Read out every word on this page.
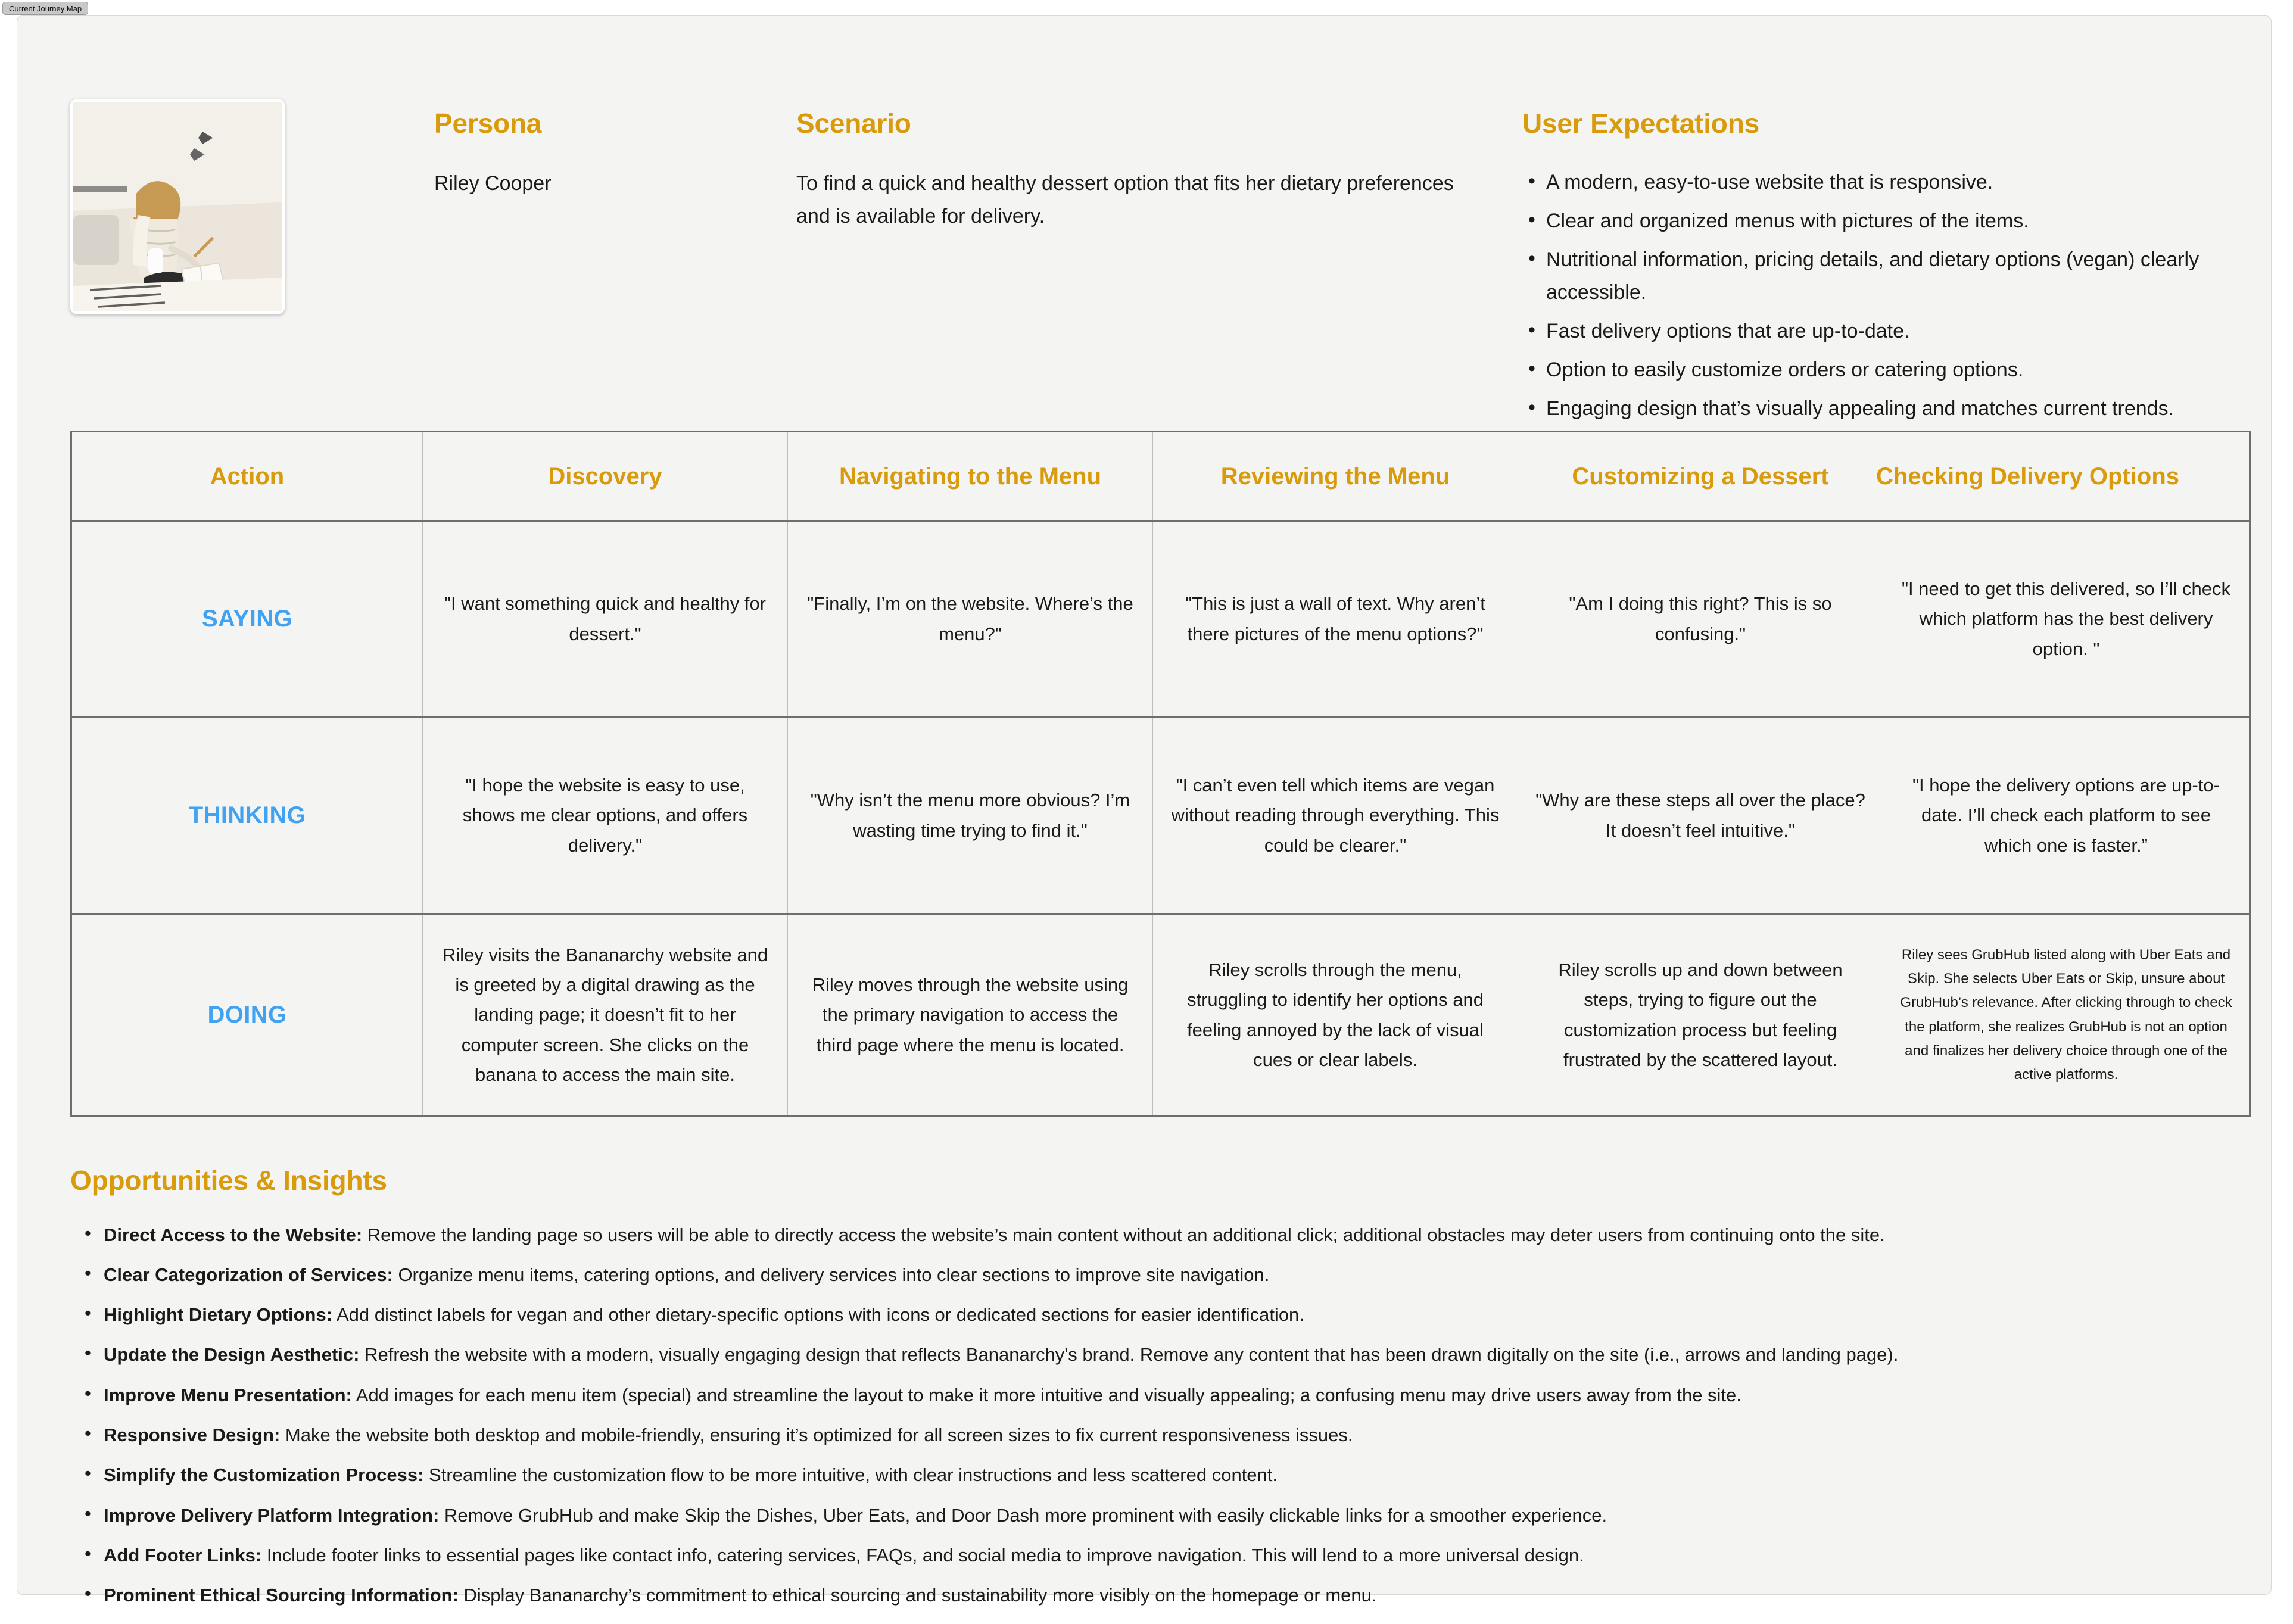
Current Journey Map
Persona
Riley Cooper
Scenario
To find a quick and healthy dessert option that fits her dietary preferences and is available for delivery.
User Expectations
• A modern, easy-to-use website that is responsive.
• Clear and organized menus with pictures of the items.
• Nutritional information, pricing details, and dietary options (vegan) clearly accessible.
• Fast delivery options that are up-to-date.
• Option to easily customize orders or catering options.
• Engaging design that’s visually appealing and matches current trends.
Action	Discovery	Navigating to the Menu	Reviewing the Menu	Customizing a Dessert	Checking Delivery Options

SAYING	"I want something quick and healthy for dessert."	"Finally, I’m on the website. Where’s the menu?"	"This is just a wall of text. Why aren’t there pictures of the menu options?"	"Am I doing this right? This is so confusing."	"I need to get this delivered, so I’ll check which platform has the best delivery option. "

THINKING	"I hope the website is easy to use, shows me clear options, and offers delivery."	"Why isn’t the menu more obvious? I’m wasting time trying to find it."	"I can’t even tell which items are vegan without reading through everything. This could be clearer."	"Why are these steps all over the place? It doesn’t feel intuitive."	"I hope the delivery options are up-to-date. I’ll check each platform to see which one is faster.”

DOING	Riley visits the Bananarchy website and is greeted by a digital drawing as the landing page; it doesn’t fit to her computer screen. She clicks on the banana to access the main site.	Riley moves through the website using the primary navigation to access the third page where the menu is located.	Riley scrolls through the menu, struggling to identify her options and feeling annoyed by the lack of visual cues or clear labels.	Riley scrolls up and down between steps, trying to figure out the customization process but feeling frustrated by the scattered layout.	Riley sees GrubHub listed along with Uber Eats and Skip. She selects Uber Eats or Skip, unsure about GrubHub’s relevance. After clicking through to check the platform, she realizes GrubHub is not an option and finalizes her delivery choice through one of the active platforms.
Opportunities & Insights
• Direct Access to the Website: Remove the landing page so users will be able to directly access the website’s main content without an additional click; additional obstacles may deter users from continuing onto the site.
• Clear Categorization of Services: Organize menu items, catering options, and delivery services into clear sections to improve site navigation.
• Highlight Dietary Options: Add distinct labels for vegan and other dietary-specific options with icons or dedicated sections for easier identification.
• Update the Design Aesthetic: Refresh the website with a modern, visually engaging design that reflects Bananarchy's brand. Remove any content that has been drawn digitally on the site (i.e., arrows and landing page).
• Improve Menu Presentation: Add images for each menu item (special) and streamline the layout to make it more intuitive and visually appealing; a confusing menu may drive users away from the site.
• Responsive Design: Make the website both desktop and mobile-friendly, ensuring it’s optimized for all screen sizes to fix current responsiveness issues.
• Simplify the Customization Process: Streamline the customization flow to be more intuitive, with clear instructions and less scattered content.
• Improve Delivery Platform Integration: Remove GrubHub and make Skip the Dishes, Uber Eats, and Door Dash more prominent with easily clickable links for a smoother experience.
• Add Footer Links: Include footer links to essential pages like contact info, catering services, FAQs, and social media to improve navigation. This will lend to a more universal design.
• Prominent Ethical Sourcing Information: Display Bananarchy’s commitment to ethical sourcing and sustainability more visibly on the homepage or menu.
